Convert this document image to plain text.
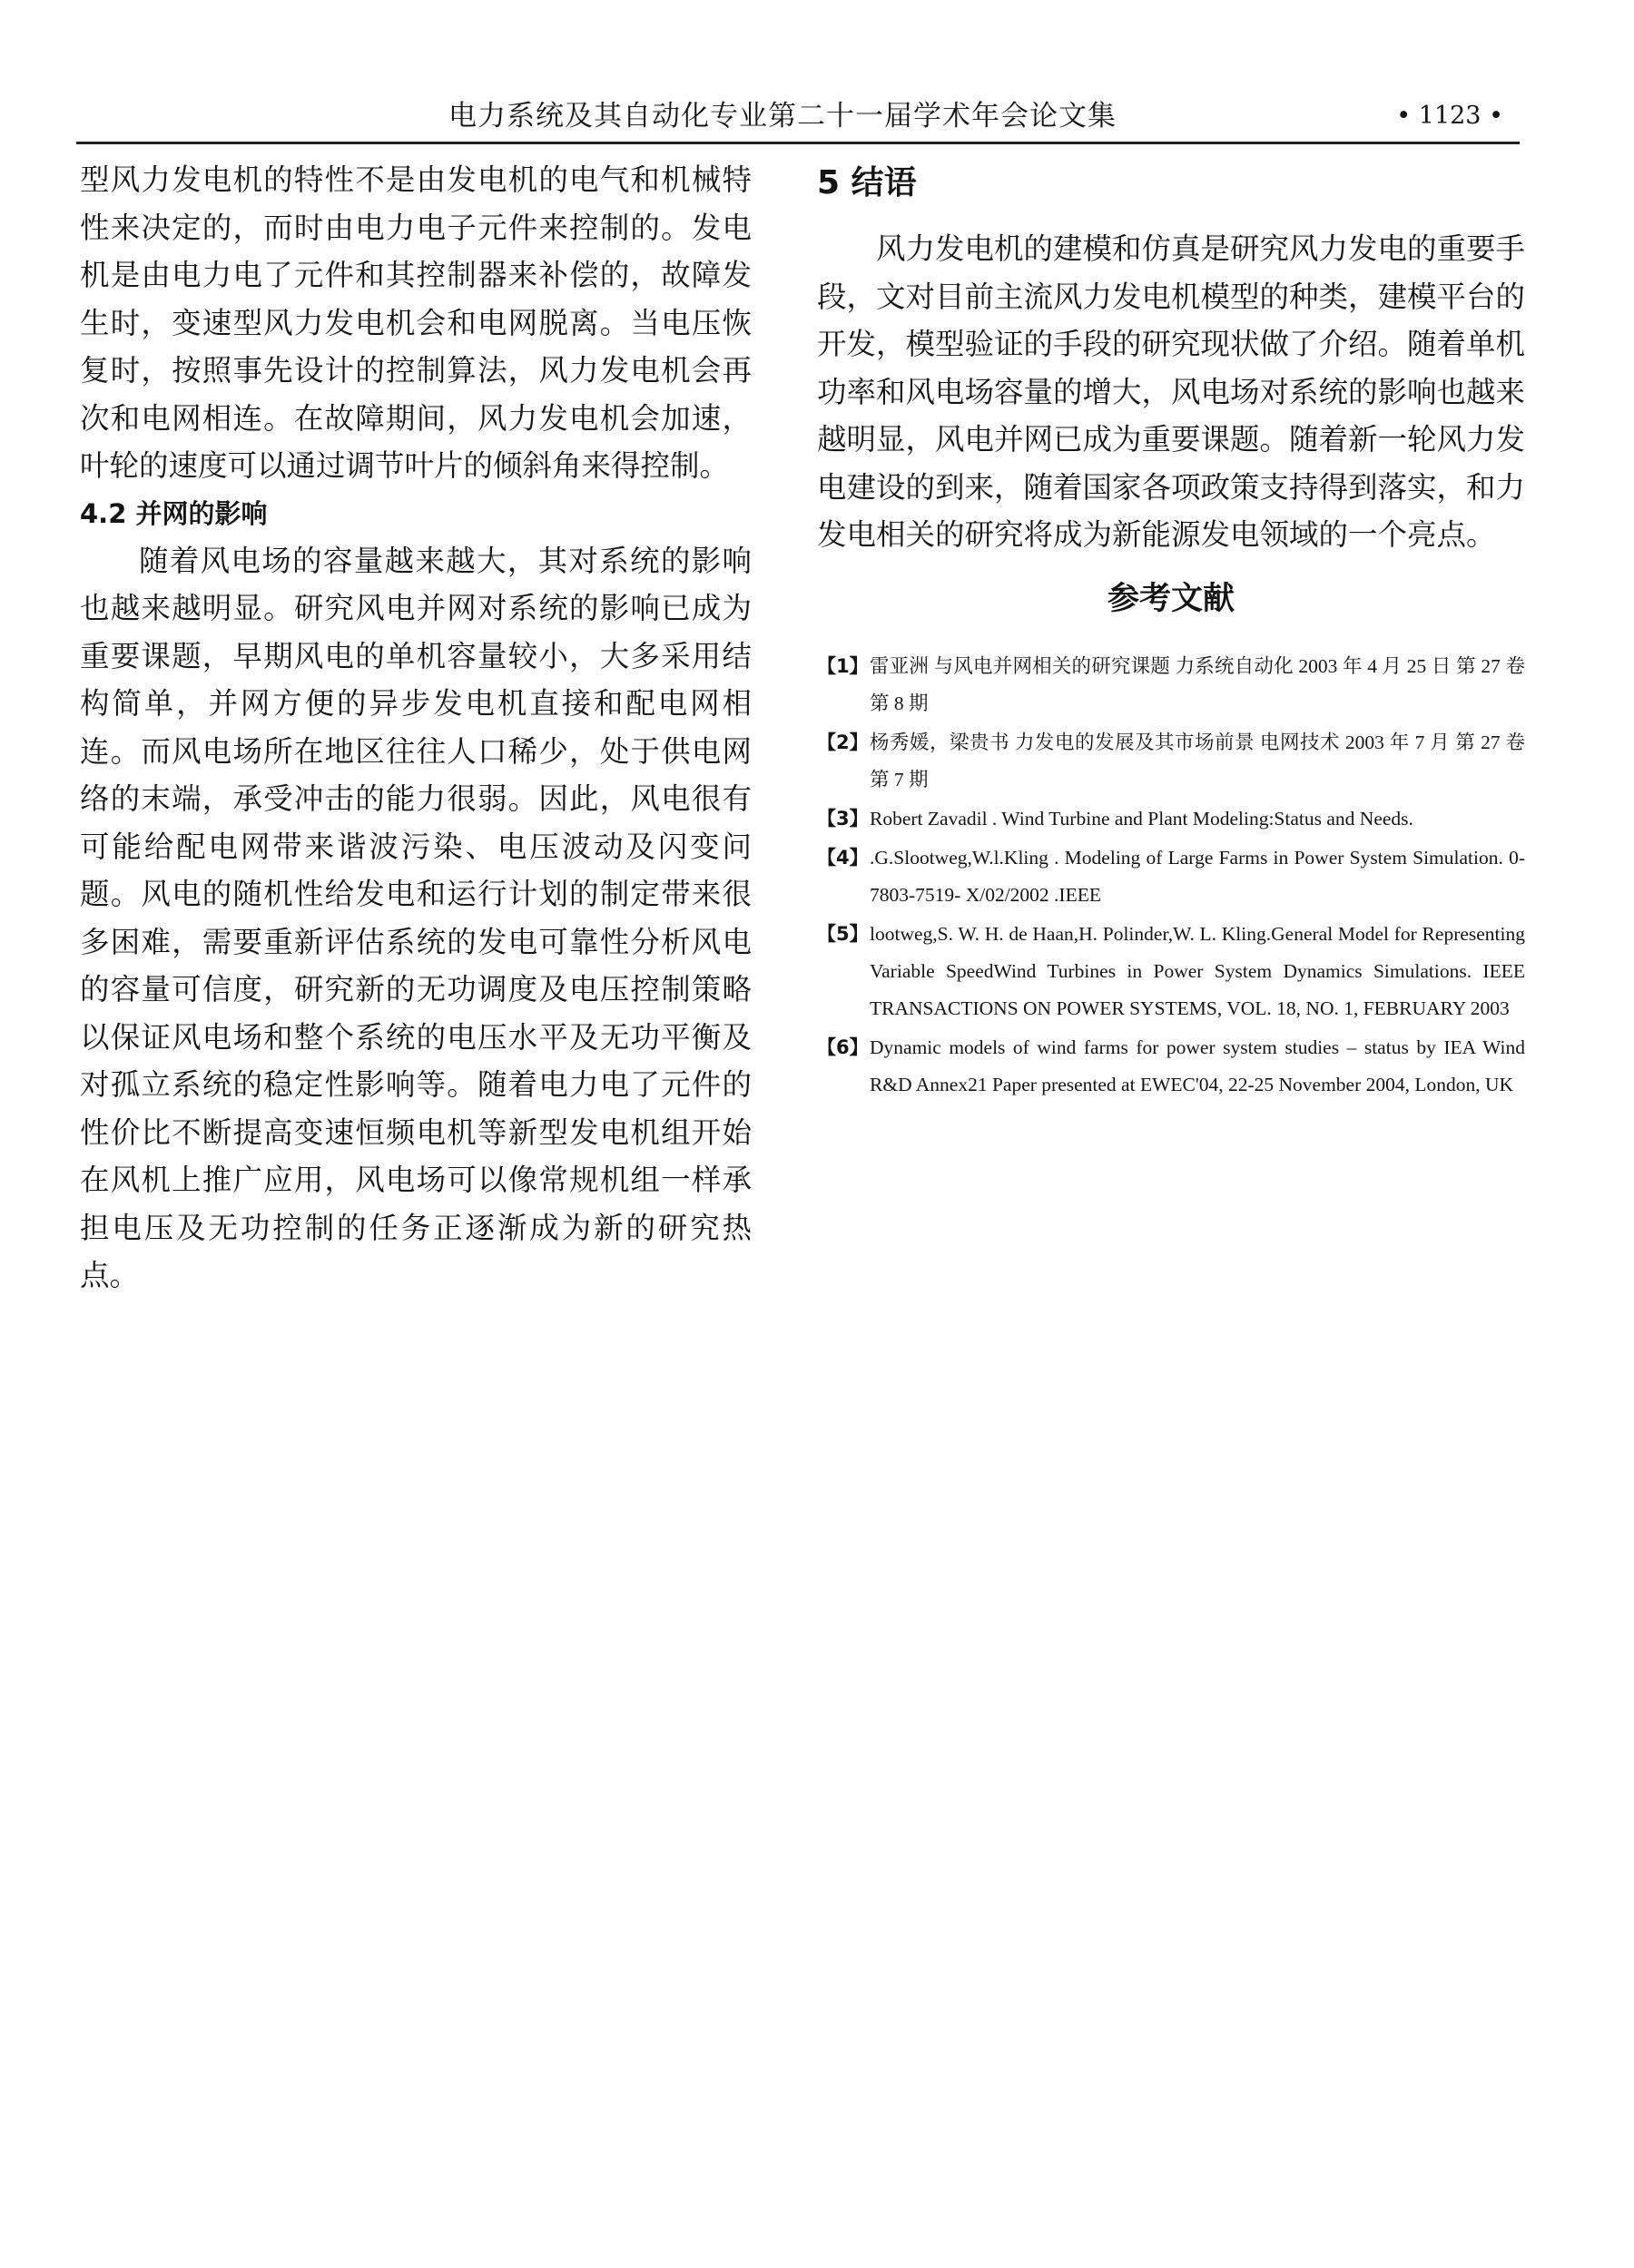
电力系统及其自动化专业第二十一届学术年会论文集	• 1123 •

型风力发电机的特性不是由发电机的电气和机械特性来决定的，而时由电力电子元件来控制的。发电机是由电力电了元件和其控制器来补偿的，故障发生时，变速型风力发电机会和电网脱离。当电压恢复时，按照事先设计的控制算法，风力发电机会再次和电网相连。在故障期间，风力发电机会加速，叶轮的速度可以通过调节叶片的倾斜角来得控制。

4.2 并网的影响

随着风电场的容量越来越大，其对系统的影响也越来越明显。研究风电并网对系统的影响已成为重要课题，早期风电的单机容量较小，大多采用结构简单，并网方便的异步发电机直接和配电网相连。而风电场所在地区往往人口稀少，处于供电网络的末端，承受冲击的能力很弱。因此，风电很有可能给配电网带来谐波污染、电压波动及闪变问题。风电的随机性给发电和运行计划的制定带来很多困难，需要重新评估系统的发电可靠性分析风电的容量可信度，研究新的无功调度及电压控制策略以保证风电场和整个系统的电压水平及无功平衡及对孤立系统的稳定性影响等。随着电力电了元件的性价比不断提高变速恒频电机等新型发电机组开始在风机上推广应用，风电场可以像常规机组一样承担电压及无功控制的任务正逐渐成为新的研究热点。

5 结语

风力发电机的建模和仿真是研究风力发电的重要手段，文对目前主流风力发电机模型的种类，建模平台的开发，模型验证的手段的研究现状做了介绍。随着单机功率和风电场容量的增大，风电场对系统的影响也越来越明显，风电并网已成为重要课题。随着新一轮风力发电建设的到来，随着国家各项政策支持得到落实，和力发电相关的研究将成为新能源发电领域的一个亮点。

参考文献
【1】 雷亚洲 与风电并网相关的研究课题 力系统自动化 2003 年 4 月 25 日 第 27 卷 第 8 期
【2】 杨秀媛，梁贵书 力发电的发展及其市场前景 电网技术 2003 年 7 月 第 27 卷 第 7 期
【3】 Robert Zavadil . Wind Turbine and Plant Modeling:Status and Needs.
【4】 .G.Slootweg,W.l.Kling . Modeling of Large Farms in Power System Simulation. 0-7803-7519- X/02/2002 .IEEE
【5】 lootweg,S. W. H. de Haan,H. Polinder,W. L. Kling.General Model for Representing Variable SpeedWind Turbines in Power System Dynamics Simulations. IEEE TRANSACTIONS ON POWER SYSTEMS, VOL. 18, NO. 1, FEBRUARY 2003
【6】 Dynamic models of wind farms for power system studies – status by IEA Wind R&D Annex21 Paper presented at EWEC'04, 22-25 November 2004, London, UK
